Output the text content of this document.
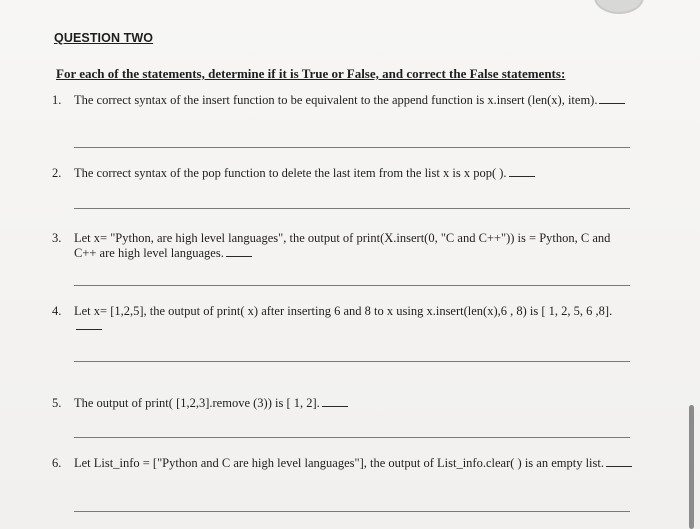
QUESTION TWO
For each of the statements, determine if it is True or False, and correct the False statements:
1. The correct syntax of the insert function to be equivalent to the append function is x.insert (len(x), item).
2. The correct syntax of the pop function to delete the last item from the list x is x pop( ).
3. Let x= "Python, are high level languages", the output of print(X.insert(0, "C and C++")) is = Python, C and C++ are high level languages.
4. Let x= [1,2,5], the output of print( x) after inserting 6 and 8 to x using x.insert(len(x),6 , 8) is [ 1, 2, 5, 6 ,8].
5. The output of print( [1,2,3].remove (3)) is [ 1, 2].
6. Let List_info = ["Python and C are high level languages"], the output of List_info.clear( ) is an empty list.
